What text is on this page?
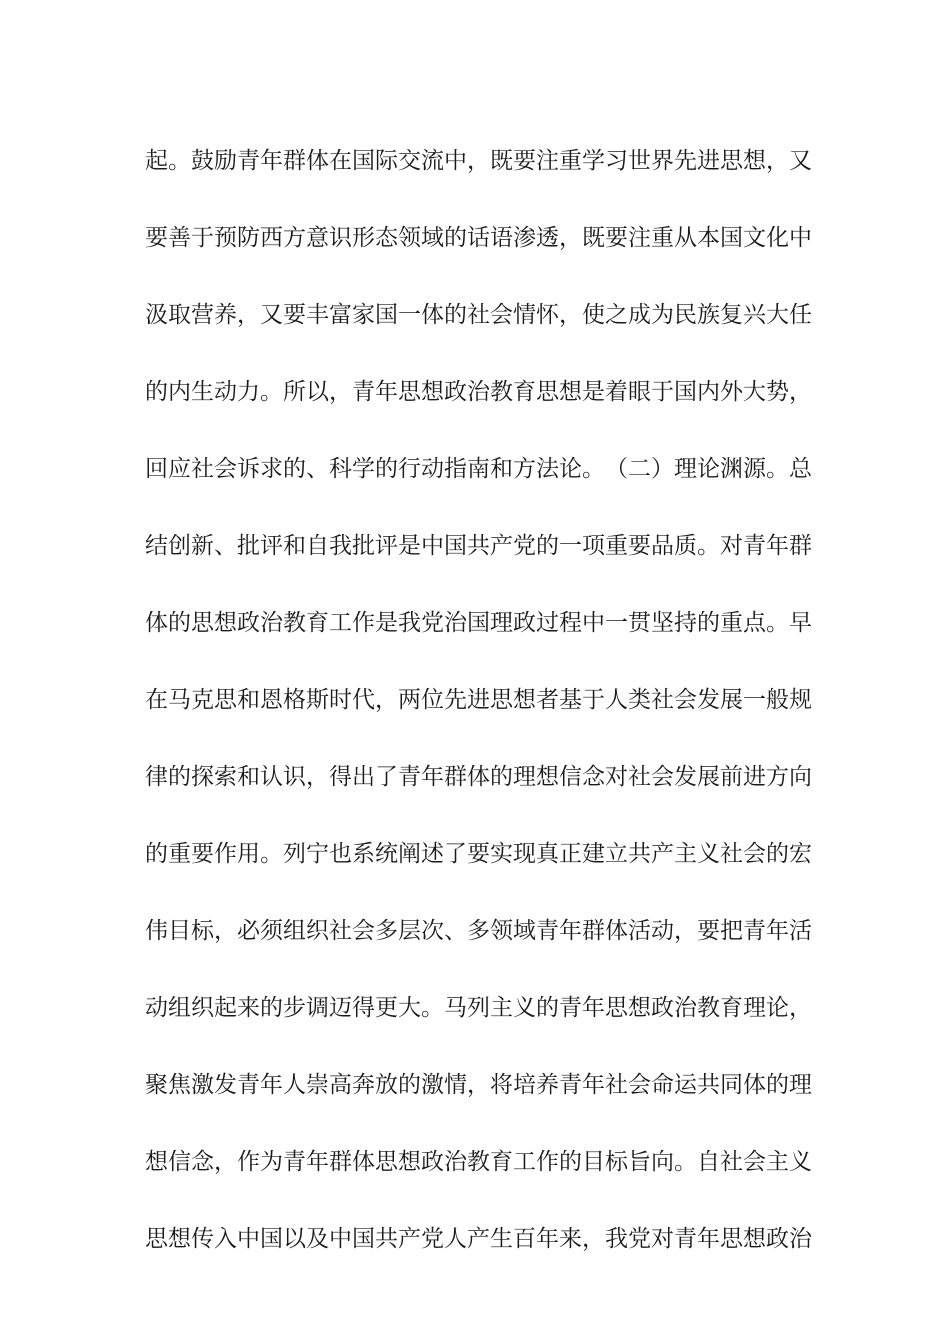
起 。 鼓 励 青 年 群 体 在 国 际 交 流 中 ， 既 要 注 重 学 习 世 界 先 进 思 想 ， 又
要 善 于 预 防 西 方 意 识 形 态 领 域 的 话 语 渗 透 ， 既 要 注 重 从 本 国 文 化 中
汲 取 营 养 ， 又 要 丰 富 家 国 一 体 的 社 会 情 怀 ， 使 之 成 为 民 族 复 兴 大 任
的 内 生 动 力 。 所 以 ， 青 年 思 想 政 治 教 育 思 想 是 着 眼 于 国 内 外 大 势 ，
回 应 社 会 诉 求 的 、 科 学 的 行 动 指 南 和 方 法 论 。 （ 二 ） 理 论 渊 源 。 总
结 创 新 、 批 评 和 自 我 批 评 是 中 国 共 产 党 的 一 项 重 要 品 质 。 对 青 年 群
体 的 思 想 政 治 教 育 工 作 是 我 党 治 国 理 政 过 程 中 一 贯 坚 持 的 重 点 。 早
在 马 克 思 和 恩 格 斯 时 代 ， 两 位 先 进 思 想 者 基 于 人 类 社 会 发 展 一 般 规
律 的 探 索 和 认 识 ， 得 出 了 青 年 群 体 的 理 想 信 念 对 社 会 发 展 前 进 方 向
的 重 要 作 用 。 列 宁 也 系 统 阐 述 了 要 实 现 真 正 建 立 共 产 主 义 社 会 的 宏
伟 目 标 ， 必 须 组 织 社 会 多 层 次 、 多 领 域 青 年 群 体 活 动 ， 要 把 青 年 活
动 组 织 起 来 的 步 调 迈 得 更 大 。 马 列 主 义 的 青 年 思 想 政 治 教 育 理 论 ，
聚 焦 激 发 青 年 人 崇 高 奔 放 的 激 情 ， 将 培 养 青 年 社 会 命 运 共 同 体 的 理
想 信 念 ， 作 为 青 年 群 体 思 想 政 治 教 育 工 作 的 目 标 旨 向 。 自 社 会 主 义
思 想 传 入 中 国 以 及 中 国 共 产 党 人 产 生 百 年 来 ， 我 党 对 青 年 思 想 政 治
